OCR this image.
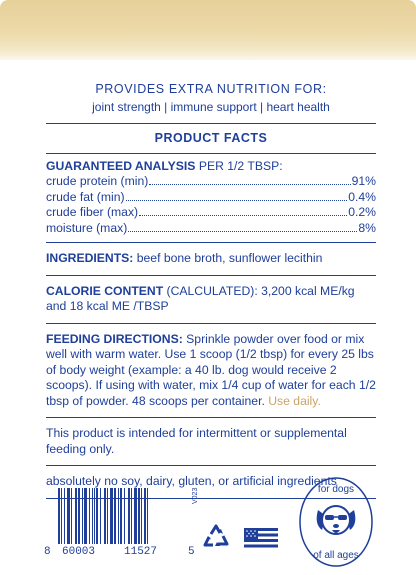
PROVIDES EXTRA NUTRITION FOR:
joint strength | immune support | heart health
PRODUCT FACTS
GUARANTEED ANALYSIS PER 1/2 TBSP:
crude protein (min)	91%
crude fat (min)	0.4%
crude fiber (max)	0.2%
moisture (max)	8%
INGREDIENTS: beef bone broth, sunflower lecithin
CALORIE CONTENT (CALCULATED): 3,200 kcal ME/kg
and 18 kcal ME /TBSP

FEEDING DIRECTIONS: Sprinkle powder over food or mix well with warm water. Use 1 scoop (1/2 tbsp) for every 25 lbs of body weight (example: a 40 lb. dog would receive 2 scoops). If using with water, mix 1/4 cup of water for each 1/2 tbsp of powder. 48 scoops per container. Use daily.

This product is intended for intermittent or supplemental feeding only.
absolutely no soy, dairy, gluten, or artificial ingredients
8 60003	11527	5
V023	for dogs
of all ages
